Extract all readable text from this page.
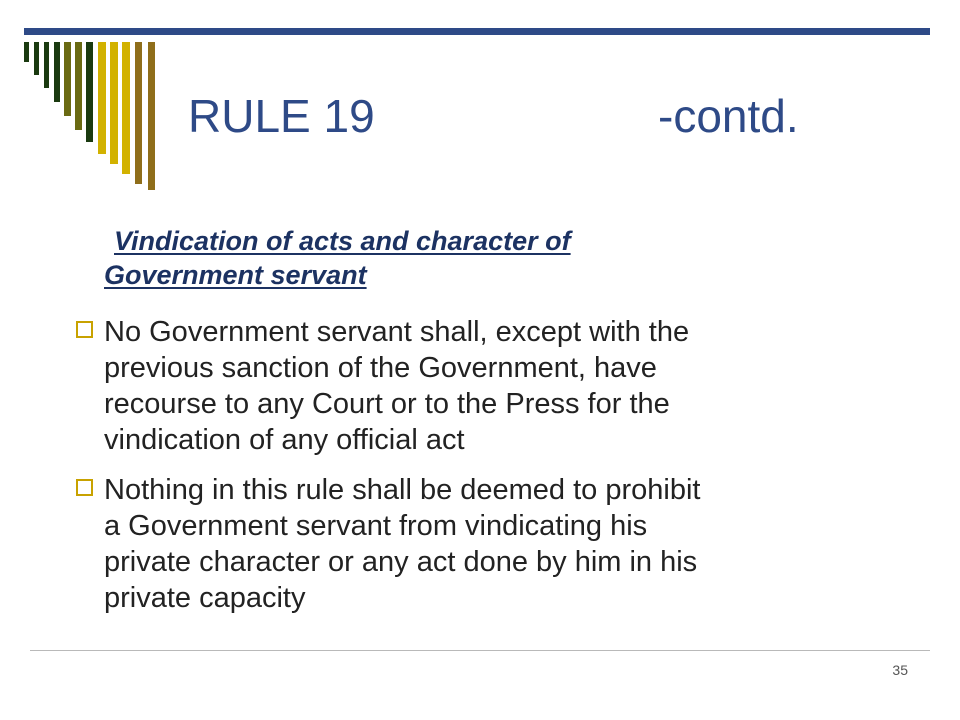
RULE 19	-contd.
Vindication of acts and character of
Government servant
No Government servant shall, except with the
previous sanction of the Government, have
recourse to any Court or to the Press for the
vindication of any official act
Nothing in this rule shall be deemed to prohibit
a Government servant from vindicating his
private character or any act done by him in his
private capacity
35
